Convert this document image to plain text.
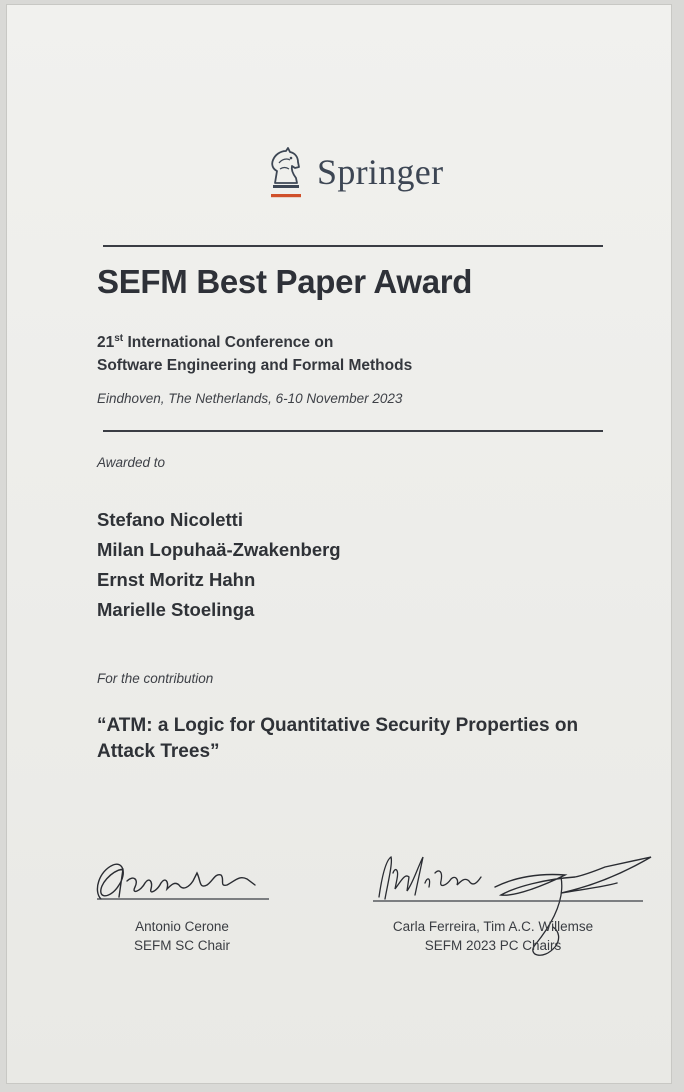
Springer
SEFM Best Paper Award
21st International Conference on
Software Engineering and Formal Methods
Eindhoven, The Netherlands, 6-10 November 2023
Awarded to
Stefano Nicoletti
Milan Lopuhaä-Zwakenberg
Ernst Moritz Hahn
Marielle Stoelinga
For the contribution
“ATM: a Logic for Quantitative Security Properties on Attack Trees”
Antonio Cerone
SEFM SC Chair
Carla Ferreira, Tim A.C. Willemse
SEFM 2023 PC Chairs
